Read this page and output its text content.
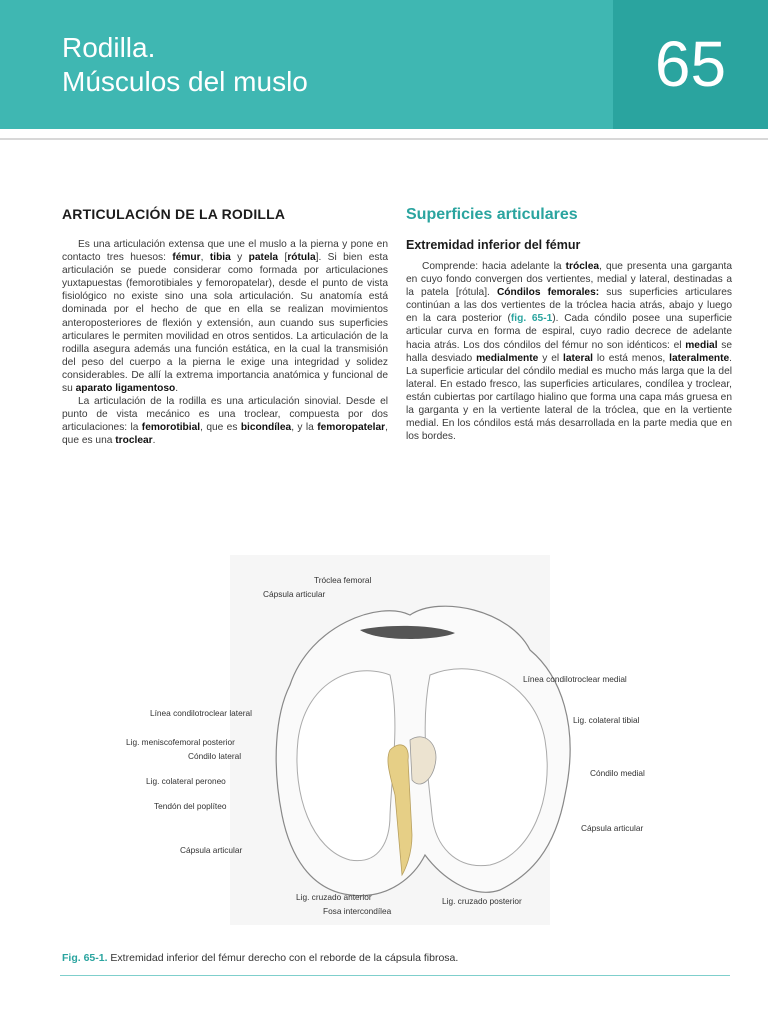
Rodilla.
Músculos del muslo	65
ARTICULACIÓN DE LA RODILLA

Es una articulación extensa que une el muslo a la pierna y pone en contacto tres huesos: fémur, tibia y patela [rótula]. Si bien esta articulación se puede considerar como formada por articulaciones yuxtapuestas (femorotibiales y femoropatelar), desde el punto de vista fisiológico no existe sino una sola articulación. Su anatomía está dominada por el hecho de que en ella se realizan movimientos anteroposteriores de flexión y extensión, aun cuando sus superficies articulares le permiten movilidad en otros sentidos. La articulación de la rodilla asegura además una función estática, en la cual la transmisión del peso del cuerpo a la pierna le exige una integridad y solidez considerables. De allí la extrema importancia anatómica y funcional de su aparato ligamentoso.

La articulación de la rodilla es una articulación sinovial. Desde el punto de vista mecánico es una troclear, compuesta por dos articulaciones: la femorotibial, que es bicondílea, y la femoropatelar, que es una troclear.

Superficies articulares
Extremidad inferior del fémur

Comprende: hacia adelante la tróclea, que presenta una garganta en cuyo fondo convergen dos vertientes, medial y lateral, destinadas a la patela [rótula]. Cóndilos femorales: sus superficies articulares continúan a las dos vertientes de la tróclea hacia atrás, abajo y luego en la cara posterior (fig. 65-1). Cada cóndilo posee una superficie articular curva en forma de espiral, cuyo radio decrece de adelante hacia atrás. Los dos cóndilos del fémur no son idénticos: el medial se halla desviado medialmente y el lateral lo está menos, lateralmente. La superficie articular del cóndilo medial es mucho más larga que la del lateral. En estado fresco, las superficies articulares, condílea y troclear, están cubiertas por cartílago hialino que forma una capa más gruesa en la garganta y en la vertiente lateral de la tróclea, que en la vertiente medial. En los cóndilos está más desarrollada en la parte media que en los bordes.

Tróclea femoral
Cápsula articular
Línea condilotroclear medial
Línea condilotroclear lateral
Lig. colateral tibial
Lig. meniscofemoral posterior
Cóndilo lateral
Cóndilo medial
Lig. colateral peroneo
Tendón del poplíteo
Cápsula articular
Cápsula articular
Lig. cruzado anterior	Lig. cruzado posterior
Fosa intercondílea
Fig. 65-1. Extremidad inferior del fémur derecho con el reborde de la cápsula fibrosa.
